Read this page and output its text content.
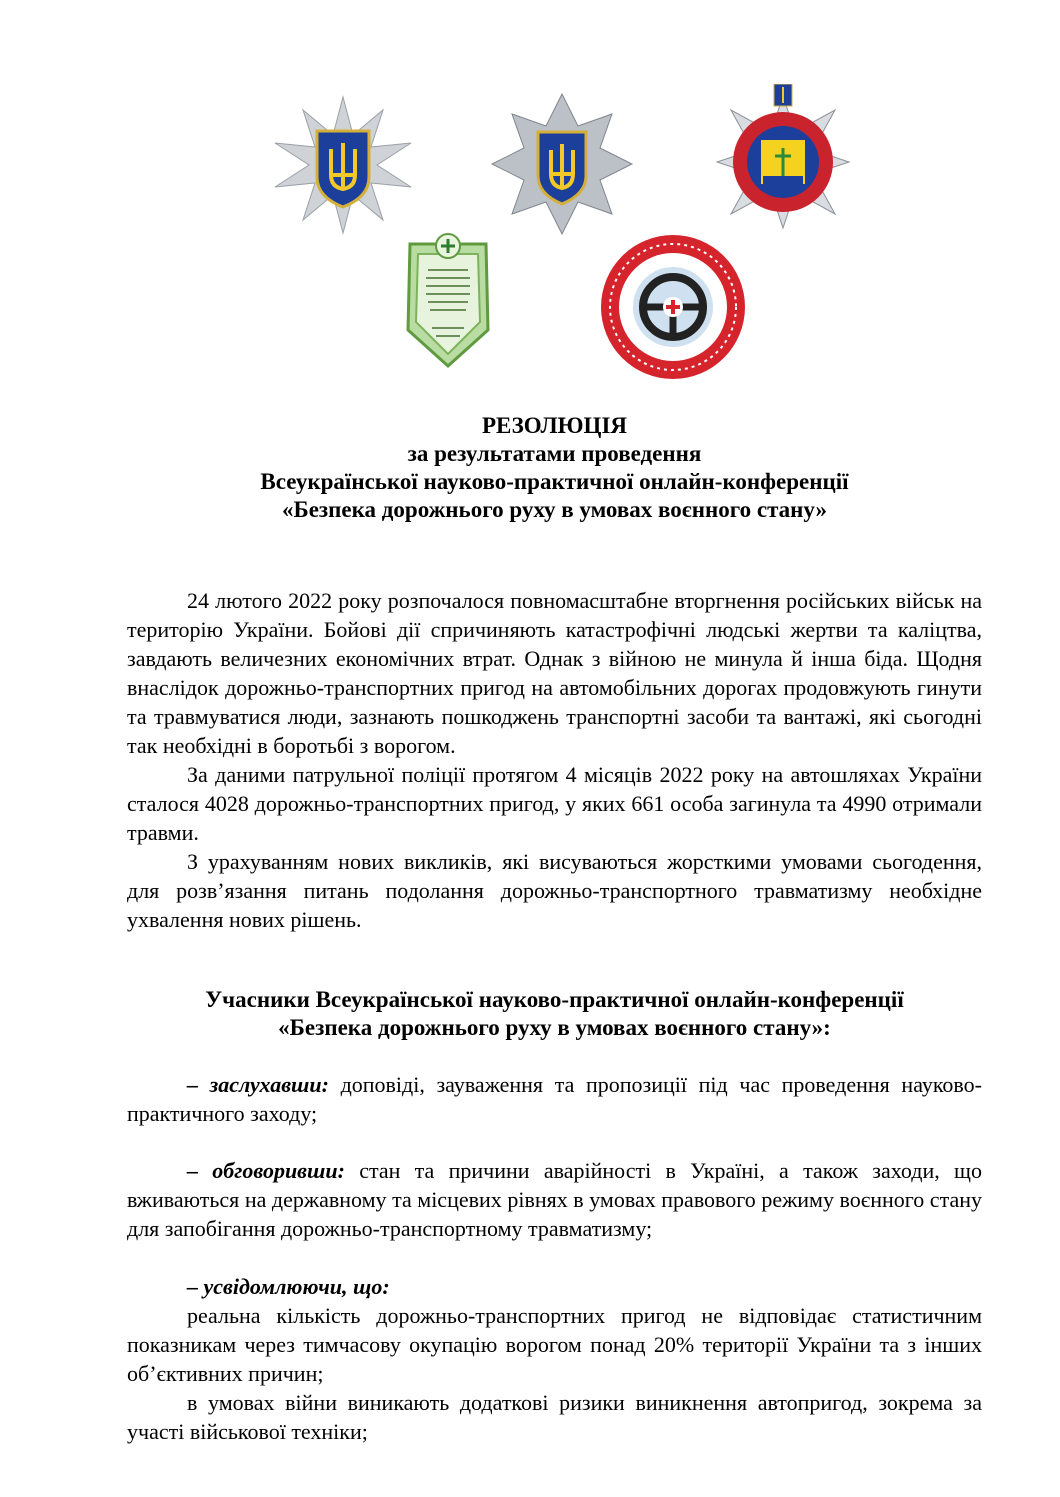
РЕЗОЛЮЦІЯ
за результатами проведення
Всеукраїнської науково-практичної онлайн-конференції
«Безпека дорожнього руху в умовах воєнного стану»

24 лютого 2022 року розпочалося повномасштабне вторгнення російських військ на територію України. Бойові дії спричиняють катастрофічні людські жертви та каліцтва, завдають величезних економічних втрат. Однак з війною не минула й інша біда. Щодня внаслідок дорожньо-транспортних пригод на автомобільних дорогах продовжують гинути та травмуватися люди, зазнають пошкоджень транспортні засоби та вантажі, які сьогодні так необхідні в боротьбі з ворогом.

За даними патрульної поліції протягом 4 місяців 2022 року на автошляхах України сталося 4028 дорожньо-транспортних пригод, у яких 661 особа загинула та 4990 отримали травми.

З урахуванням нових викликів, які висуваються жорсткими умовами сьогодення, для розв’язання питань подолання дорожньо-транспортного травматизму необхідне ухвалення нових рішень.

Учасники Всеукраїнської науково-практичної онлайн-конференції
«Безпека дорожнього руху в умовах воєнного стану»:

– заслухавши: доповіді, зауваження та пропозиції під час проведення науково-практичного заходу;

– обговоривши: стан та причини аварійності в Україні, а також заходи, що вживаються на державному та місцевих рівнях в умовах правового режиму воєнного стану для запобігання дорожньо-транспортному травматизму;

– усвідомлюючи, що:

реальна кількість дорожньо-транспортних пригод не відповідає статистичним показникам через тимчасову окупацію ворогом понад 20% території України та з інших об’єктивних причин;

в умовах війни виникають додаткові ризики виникнення автопригод, зокрема за участі військової техніки;
